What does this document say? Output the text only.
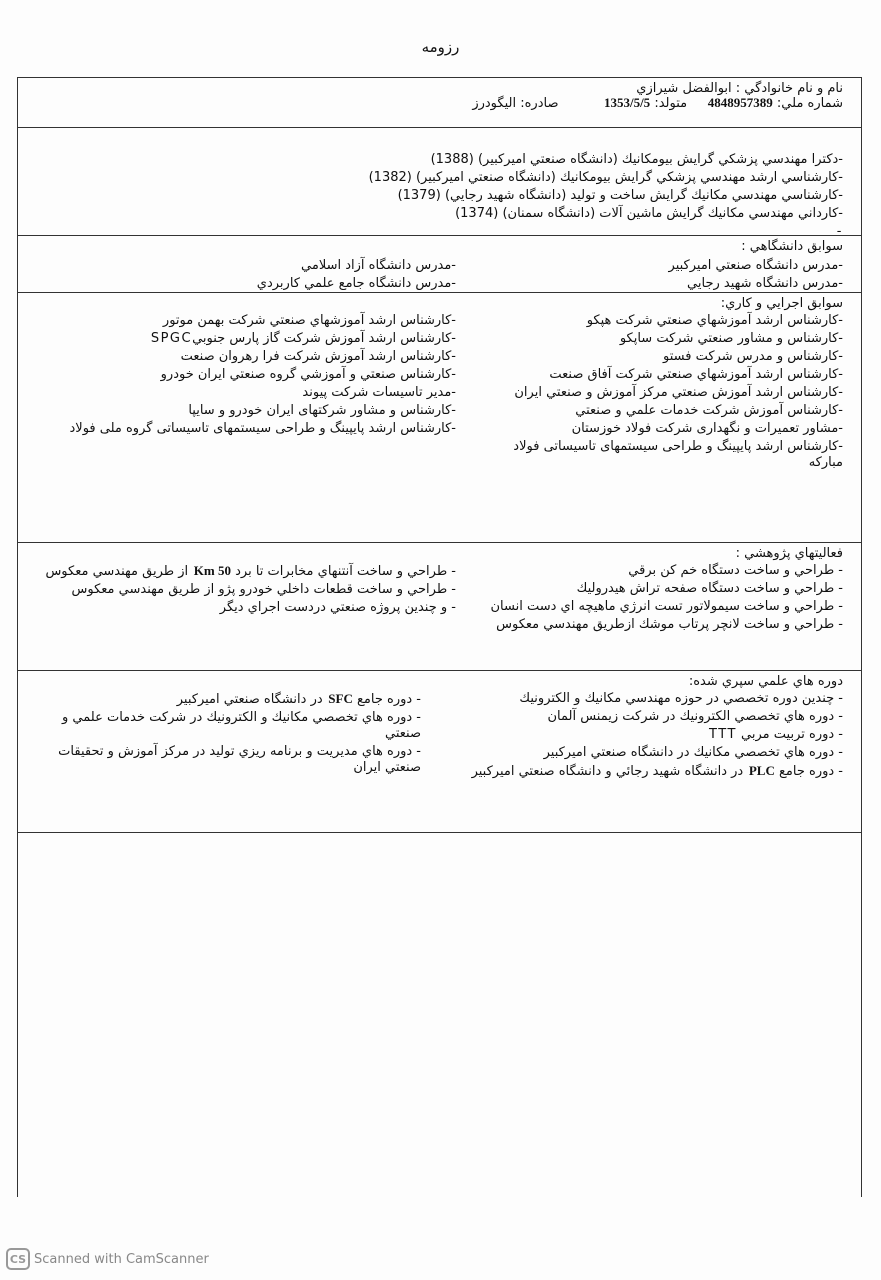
رزومه
نام و نام خانوادگي : ابوالفضل شيرازي
شماره ملي: 4848957389     متولد: 1353/5/5           صادره: اليگودرز
-دكترا مهندسي پزشكي گرايش بيومكانيك (دانشگاه صنعتي اميركبير) (1388)
-كارشناسي ارشد مهندسي پزشكي گرايش بيومكانيك (دانشگاه صنعتي اميركبير) (1382)
-كارشناسي مهندسي مكانيك گرايش ساخت و توليد (دانشگاه شهيد رجايي) (1379)
-كارداني مهندسي مكانيك گرايش ماشين آلات (دانشگاه سمنان) (1374)
-
سوابق دانشگاهي :
-مدرس دانشگاه صنعتي اميركبير
-مدرس دانشگاه شهيد رجايي
-مدرس دانشگاه آزاد اسلامي
-مدرس دانشگاه جامع علمي كاربردي
سوابق اجرايي و كاري:
-كارشناس ارشد آموزشهاي صنعتي شركت هپكو
-كارشناس و مشاور صنعتي شركت ساپكو
-كارشناس و مدرس شركت فستو
-كارشناس ارشد آموزشهاي صنعتي شركت آفاق صنعت
-كارشناس ارشد آموزش صنعتي مركز آموزش و صنعتي ايران
-كارشناس آموزش شركت خدمات علمي و صنعتي
-مشاور تعميرات و نگهداری شركت فولاد خوزستان
-كارشناس ارشد پايپينگ و طراحی سيستمهای تاسيساتی فولاد مباركه
-كارشناس ارشد آموزشهاي صنعتي شركت بهمن موتور
-كارشناس ارشد آموزش شركت گاز پارس جنوبيSPGC
-كارشناس ارشد آموزش شركت فرا رهروان صنعت
-كارشناس صنعتي و آموزشي گروه صنعتي ايران خودرو
-مدير تاسيسات شركت پيوند
-كارشناس و مشاور شركتهای ايران خودرو و سايپا
-كارشناس ارشد پايپينگ و طراحی سيستمهای تاسيساتی گروه ملی فولاد
فعاليتهاي پژوهشي :
- طراحي و ساخت دستگاه خم كن برقي
- طراحي و ساخت دستگاه صفحه تراش هيدروليك
- طراحي و ساخت سيمولاتور تست انرژي ماهيچه اي دست انسان
- طراحي و ساخت لانچر پرتاب موشك ازطريق مهندسي معكوس
- طراحي و ساخت آنتنهاي مخابرات تا برد 50 Km از طريق مهندسي معكوس
- طراحي و ساخت قطعات داخلي خودرو پژو از طريق مهندسي معكوس
- و چندين پروژه صنعتي دردست اجراي ديگر
دوره هاي علمي سپري شده:
- چندين دوره تخصصي در حوزه مهندسي مكانيك و الكترونيك
- دوره هاي تخصصي الكترونيك در شركت زيمنس آلمان
- دوره تربيت مربي TTT
- دوره هاي تخصصي مكانيك در دانشگاه صنعتي اميركبير
- دوره جامع PLC در دانشگاه شهيد رجائي و دانشگاه صنعتي اميركبير
- دوره جامع SFC در دانشگاه صنعتي اميركبير
- دوره هاي تخصصي مكانيك و الكترونيك در شركت خدمات علمي و صنعتي
- دوره هاي مديريت و برنامه ريزي توليد در مركز آموزش و تحقيقات صنعتي ايران
CS Scanned with CamScanner
